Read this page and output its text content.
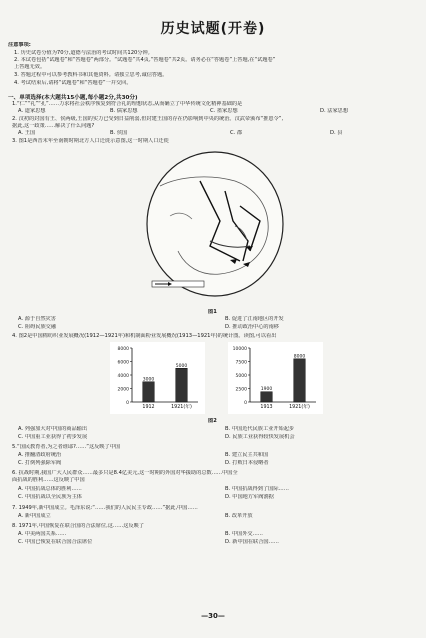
历史试题(开卷)
注意事项:
1. 历史试卷分值为70分,道德与法治的考试时间共120分钟。
2. 本试卷包括“试题卷”和“答题卷”两部分。“试题卷”共4页,“答题卷”共2页。请务必在“答题卷”上答题,在“试题卷”
上答题无效。
3. 答题过程中可以参考教科书和其他资料。请独立思考,诚信答题。
4. 考试结束后,请将“试题卷”和“答题卷”一并交回。
一、单项选择(本大题共15小题,每小题2分,共30分)
1.“仁”“礼”“孔”……力求将社会秩序恢复到符合礼的理想状态,从而确立了中华传统文化精神基础的是
A. 道家思想	B. 儒家思想	C. 墨家思想	D. 法家思想
2. 汉初的封国有王、侯两级,王国的实力已受到日益削弱,但封建王国的存在仍影响到中央的统治。汉武帝颁布“推恩令”,
据此,这一政策……解决了什么问题?
A. 王国	B. 侯国	C. 郡	D. 县
3. 图1是西晋末年至南朝时期北方人口迁徙示意图,这一时期人口迁徙
图1
A. 源于自然灾害	B. 促进了江南地区的开发
C. 阻碍民族交融	D. 推动政治中心的南移
4. 图2是中国棉纺织业发展概况(1912—1921年)和机制面粉业发展概况(1913—1921年)的统计图。读图,可以看出
0
2000
4000
6000
8000
3000
1912
5000
1921(年)
0
2500
5000
7500
10000
1900
1913
8000
1921(年)
图2
A. 列强加大对中国的商品输出	B. 中国近代民族工业开始起步
C. 中国重工业获得了初步发展	D. 民族工业获得较快发展机会
5.“国民教育者,为之者谁耶?……”这反映了中国
A. 推翻清政府统治	B. 建立民主共和国
C. 打倒列强除军阀	D. 打败日本侵略者
6. 抗战时期,我国广大人民群众……最多只是8.4亿美元,这一时期的外国对华援助的总数……中国全
面抗战的胜利……这反映了中国
A. 中国抗战总体的胜利……	B. 中国抗战得到了国际……
C. 中国抗战以全民族为主体	D. 中国地方军阀割据
7. 1949年,新中国成立。毛泽东说:“……我们的人民民主专政……”据此,中国……
A. 新中国成立	B. 改革开放
8. 1971年,中国恢复在联合国的合法席位,这……这反映了
A. 中美两国关系……	B. 中国外交……
C. 中国已恢复在联合国合法席位	D. 新中国在联合国……
—30—
